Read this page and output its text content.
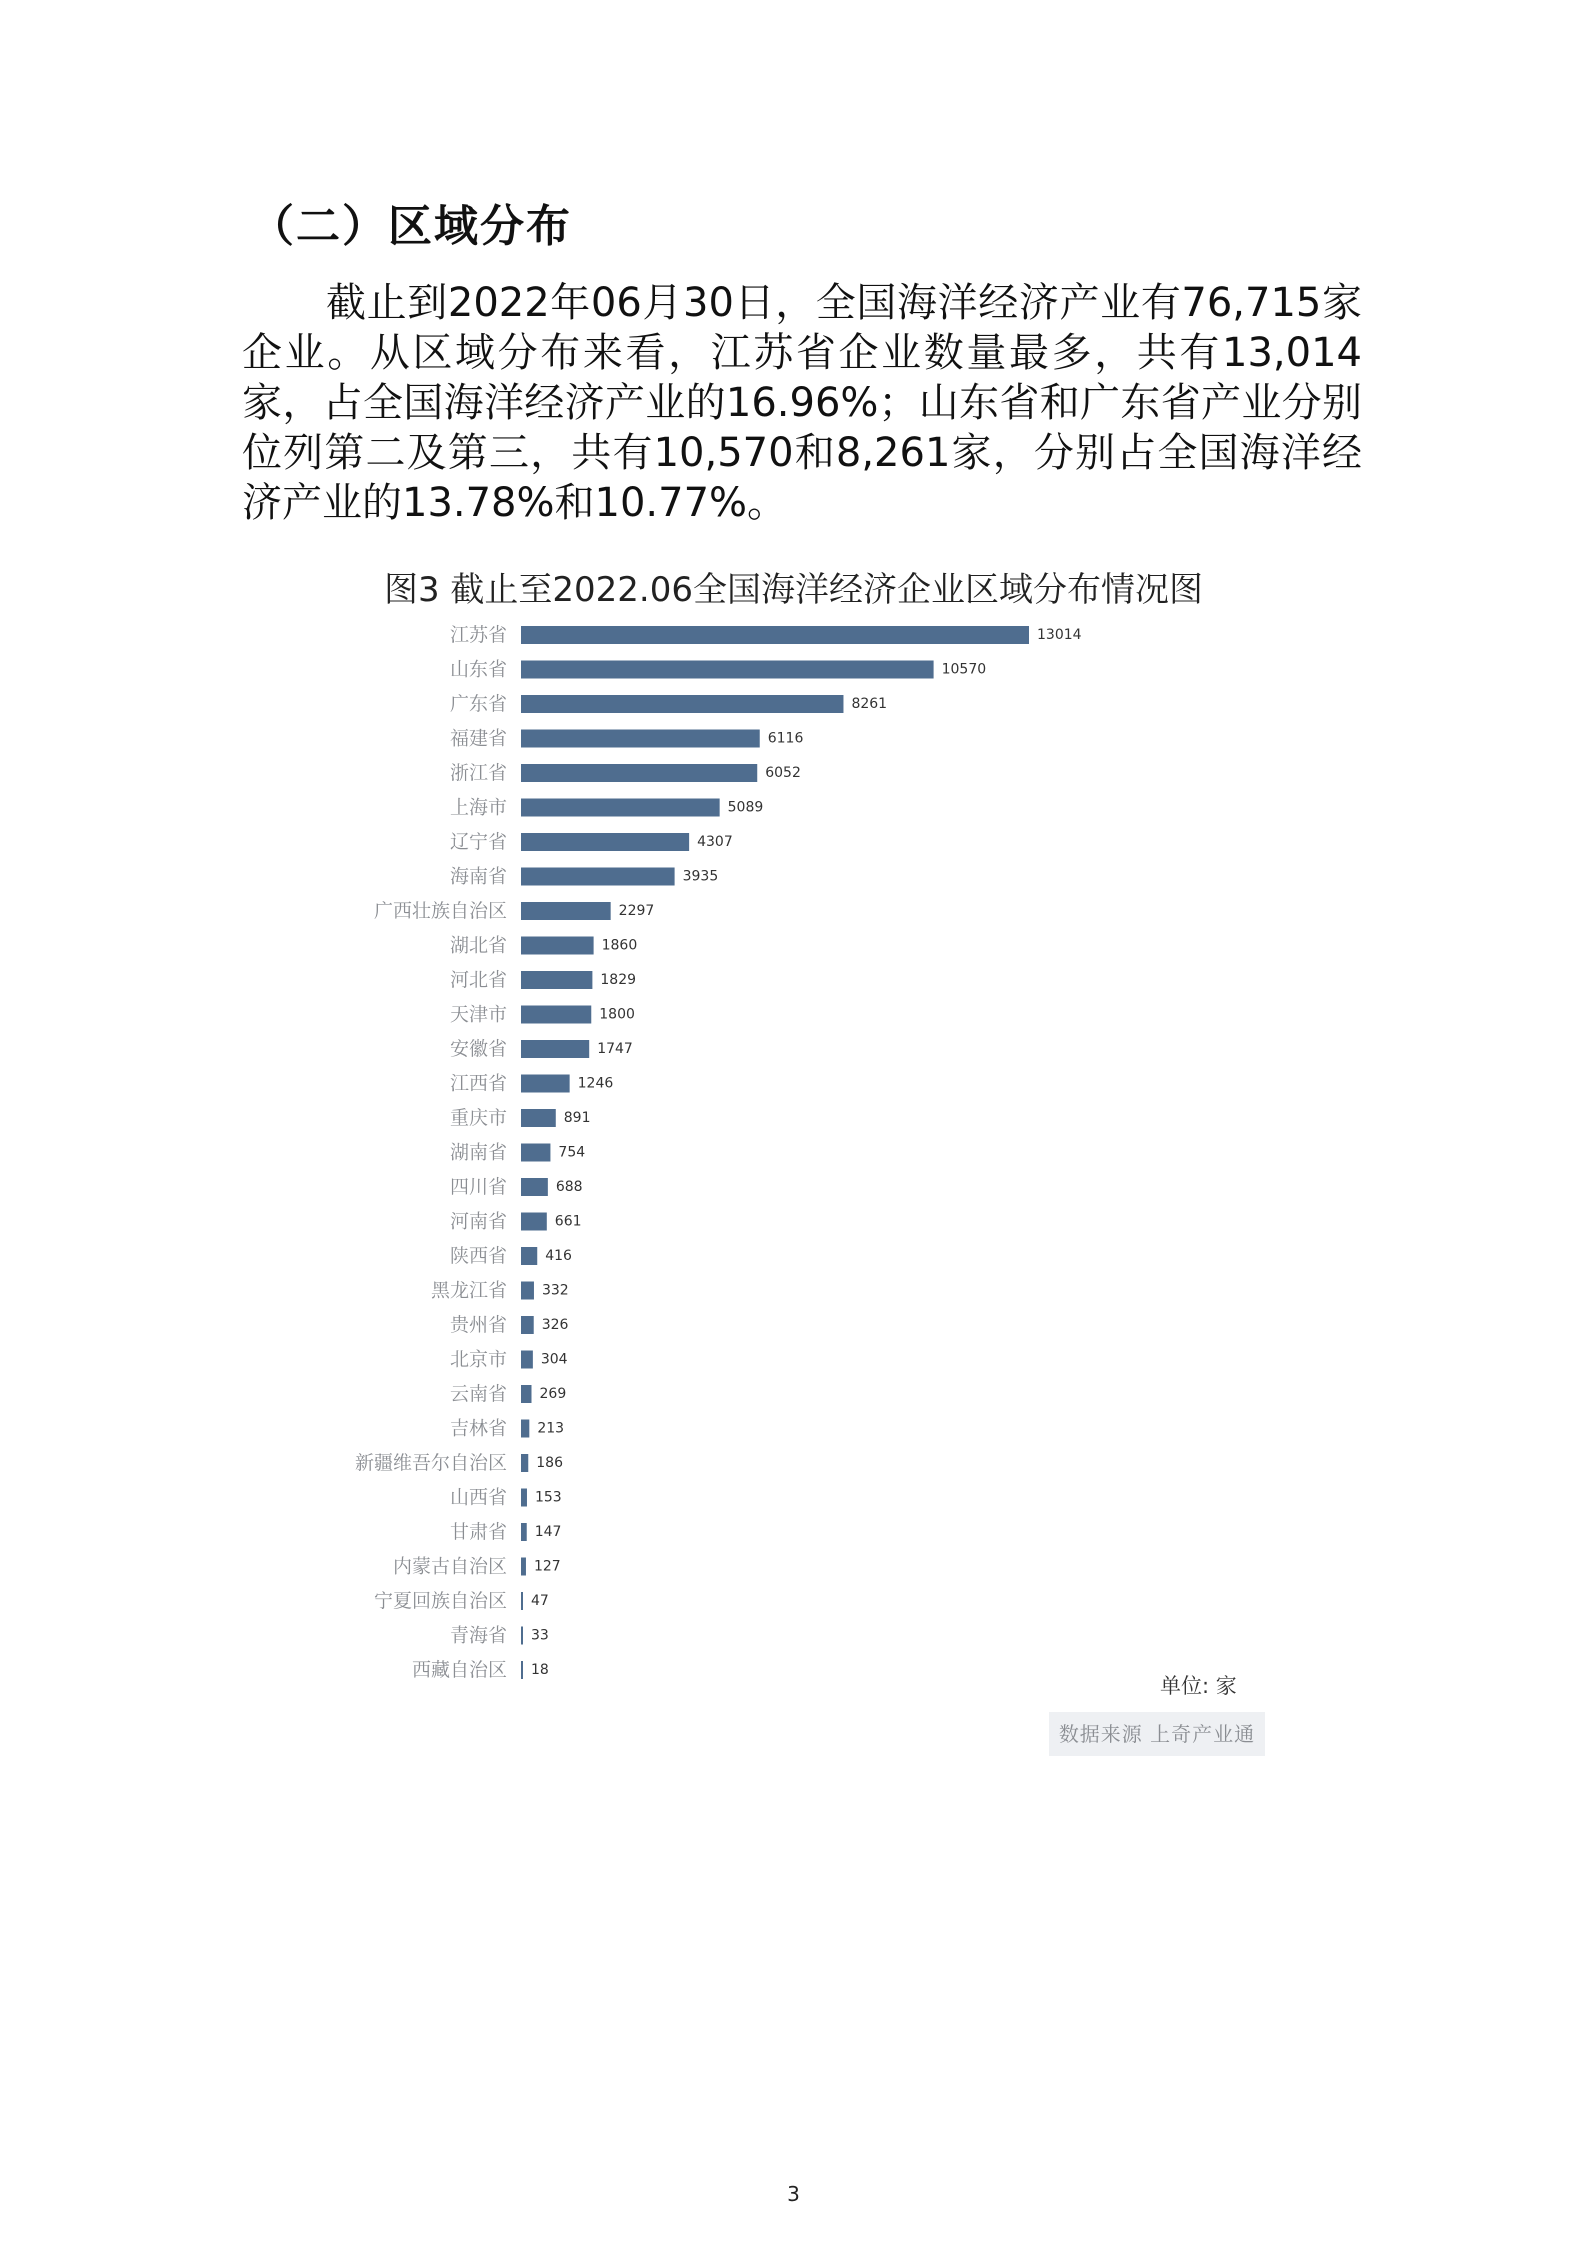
（二）区域分布

截止到2022年06月30日，全国海洋经济产业有76,715家企业。从区域分布来看，江苏省企业数量最多，共有13,014家，占全国海洋经济产业的16.96%；山东省和广东省产业分别位列第二及第三，共有10,570和8,261家，分别占全国海洋经济产业的13.78%和10.77%。

图3 截止至2022.06全国海洋经济企业区域分布情况图
江苏省	13014
山东省	10570
广东省	8261
福建省	6116
浙江省	6052
上海市	5089
辽宁省	4307
海南省	3935
广西壮族自治区	2297
湖北省	1860
河北省	1829
天津市	1800
安徽省	1747
江西省	1246
重庆市	891
湖南省	754
四川省	688
河南省	661
陕西省	416
黑龙江省 332
贵州省 326
北京市 304
云南省 269
吉林省 213
新疆维吾尔自治区 186
山西省 153
甘肃省 147
内蒙古自治区 127
宁夏回族自治区 47
青海省 33
西藏自治区 18
单位: 家
数据来源 上奇产业通
3
